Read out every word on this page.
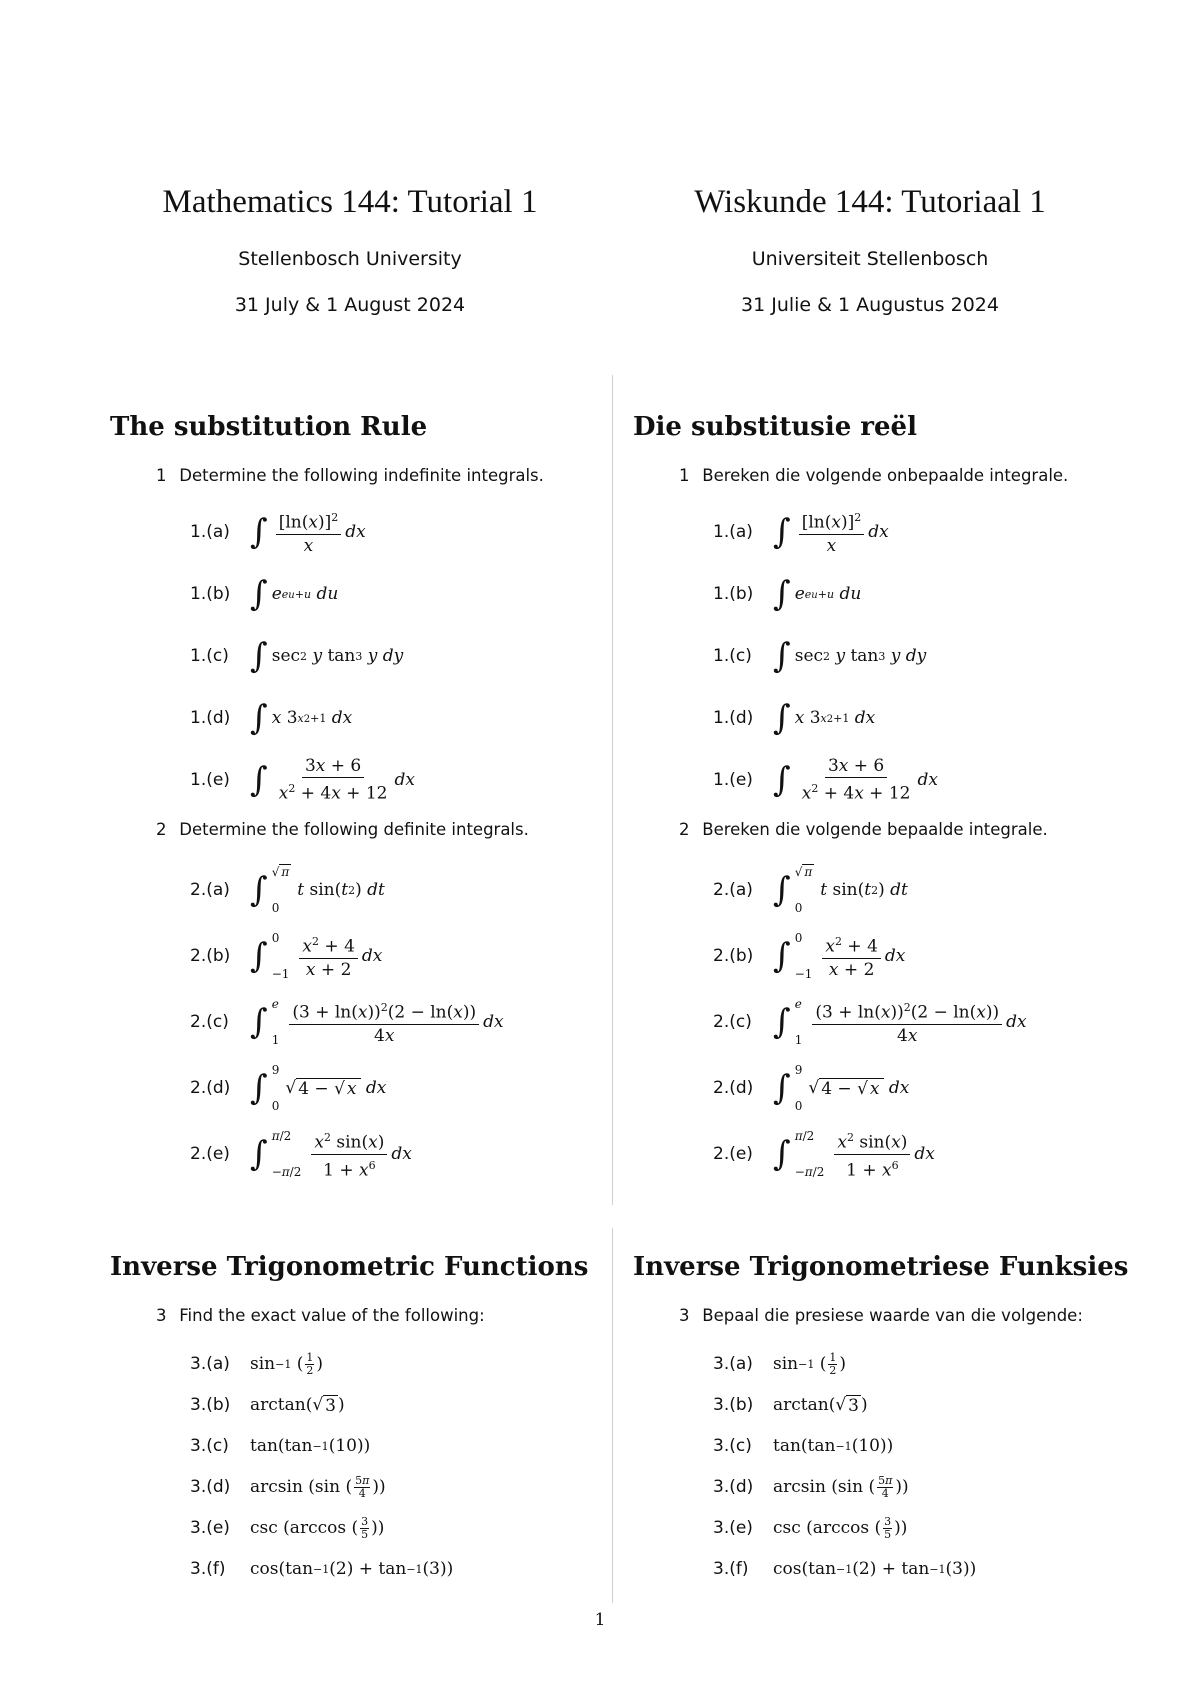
Mathematics 144: Tutorial 1
Stellenbosch University
31 July & 1 August 2024
Wiskunde 144: Tutoriaal 1
Universiteit Stellenbosch
31 Julie & 1 Augustus 2024
The substitution Rule
1 Determine the following indefinite integrals.
1.(a) ∫ $\frac{[\ln(x)]^2}{x}$ dx
1.(b) ∫ e eu+u
du
1.(c) ∫ sec 2
y tan 3
y
dy
1.(d) ∫ x 3 x2+1
dx
1.(e) ∫ $\frac{3x + 6}{x^2 + 4x + 12}$ dx
2 Determine the following definite integrals.
2.(a) ∫ √ π
0
t sin( t 2 ) dt
2.(b) ∫ 0
$-1 \frac{x^2 + 4}{x + 2}$ dx
2.(c) ∫ e
$1 \frac{(3 + \ln(x))^2(2 - \ln(x))}{4x}$ dx
2.(d) ∫ 9
0
√ 4 − √ x
dx
2.(e) ∫ π/2
$-\pi/2 \frac{x^2 \sin(x)}{1 + x^6}$ dx
Inverse Trigonometric Functions
3 Find the exact value of the following:
3.(a)	sin −1 ( 1
2 )
3.(b)	arctan(√ 3 )
3.(c)	tan(tan −1 (10))
3.(d)	arcsin (sin ( 5π
4 ))
3.(e)	csc (arccos ( 3
5 ))
3.(f)	cos(tan −1 (2) + tan −1 (3))
Die substitusie reël
1 Bereken die volgende onbepaalde integrale.
1.(a) ∫ $\frac{[\ln(x)]^2}{x}$ dx
1.(b) ∫ e eu+u
du
1.(c) ∫ sec 2
y tan 3
y
dy
1.(d) ∫ x 3 x2+1
dx
1.(e) ∫ $\frac{3x + 6}{x^2 + 4x + 12}$ dx
2 Bereken die volgende bepaalde integrale.
2.(a) ∫ √ π
0
t sin( t 2 ) dt
2.(b) ∫ 0
$-1 \frac{x^2 + 4}{x + 2}$ dx
2.(c) ∫ e
$1 \frac{(3 + \ln(x))^2(2 - \ln(x))}{4x}$ dx
2.(d) ∫ 9
0
√ 4 − √ x
dx
2.(e) ∫ π/2
$-\pi/2 \frac{x^2 \sin(x)}{1 + x^6}$ dx
Inverse Trigonometriese Funksies
3 Bepaal die presiese waarde van die volgende:
3.(a)	sin −1 ( 1
2 )
3.(b)	arctan(√ 3 )
3.(c)	tan(tan −1 (10))
3.(d)	arcsin (sin ( 5π
4 ))
3.(e)	csc (arccos ( 3
5 ))
3.(f)	cos(tan −1 (2) + tan −1 (3))
1
